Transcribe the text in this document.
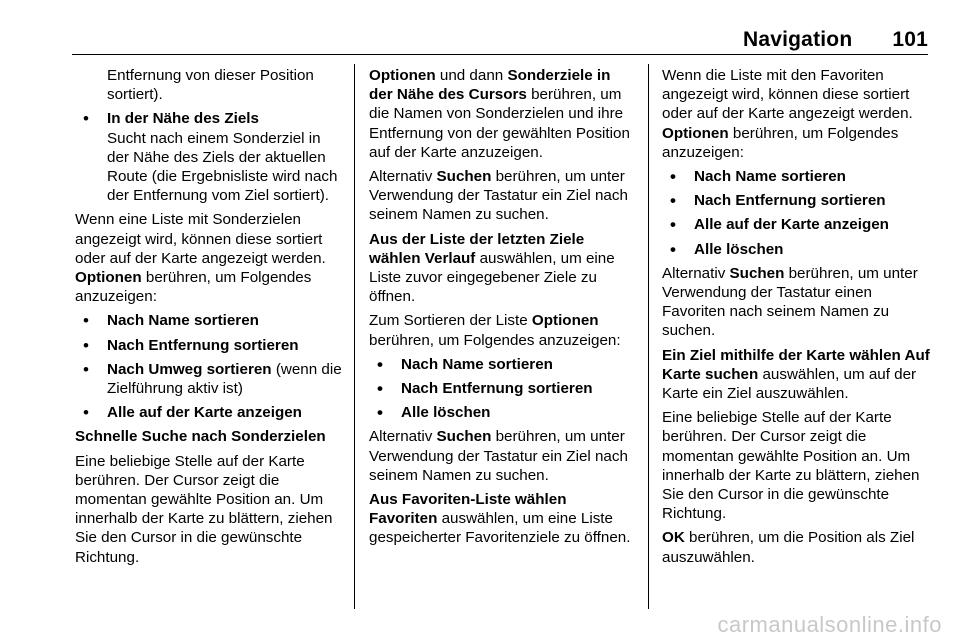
Navigation 101

Entfernung von dieser Position sortiert).

• In der Nähe des Ziels
Sucht nach einem Sonderziel in der Nähe des Ziels der aktuellen Route (die Ergebnisliste wird nach der Entfernung vom Ziel sortiert).

Wenn eine Liste mit Sonderzielen angezeigt wird, können diese sortiert oder auf der Karte angezeigt werden. Optionen berühren, um Folgendes anzuzeigen:

• Nach Name sortieren
• Nach Entfernung sortieren
• Nach Umweg sortieren (wenn die Zielführung aktiv ist)
• Alle auf der Karte anzeigen

Schnelle Suche nach Sonderzielen

Eine beliebige Stelle auf der Karte berühren. Der Cursor zeigt die momentan gewählte Position an. Um innerhalb der Karte zu blättern, ziehen Sie den Cursor in die gewünschte Richtung.

Optionen und dann Sonderziele in der Nähe des Cursors berühren, um die Namen von Sonderzielen und ihre Entfernung von der gewählten Position auf der Karte anzuzeigen.

Alternativ Suchen berühren, um unter Verwendung der Tastatur ein Ziel nach seinem Namen zu suchen.

Aus der Liste der letzten Ziele wählen Verlauf auswählen, um eine Liste zuvor eingegebener Ziele zu öffnen.

Zum Sortieren der Liste Optionen berühren, um Folgendes anzuzeigen:

• Nach Name sortieren
• Nach Entfernung sortieren
• Alle löschen

Alternativ Suchen berühren, um unter Verwendung der Tastatur ein Ziel nach seinem Namen zu suchen.

Aus Favoriten-Liste wählen Favoriten auswählen, um eine Liste gespeicherter Favoritenziele zu öffnen.

Wenn die Liste mit den Favoriten angezeigt wird, können diese sortiert oder auf der Karte angezeigt werden. Optionen berühren, um Folgendes anzuzeigen:

• Nach Name sortieren
• Nach Entfernung sortieren
• Alle auf der Karte anzeigen
• Alle löschen

Alternativ Suchen berühren, um unter Verwendung der Tastatur einen Favoriten nach seinem Namen zu suchen.

Ein Ziel mithilfe der Karte wählen Auf Karte suchen auswählen, um auf der Karte ein Ziel auszuwählen.

Eine beliebige Stelle auf der Karte berühren. Der Cursor zeigt die momentan gewählte Position an. Um innerhalb der Karte zu blättern, ziehen Sie den Cursor in die gewünschte Richtung.

OK berühren, um die Position als Ziel auszuwählen.

carmanualsonline.info
